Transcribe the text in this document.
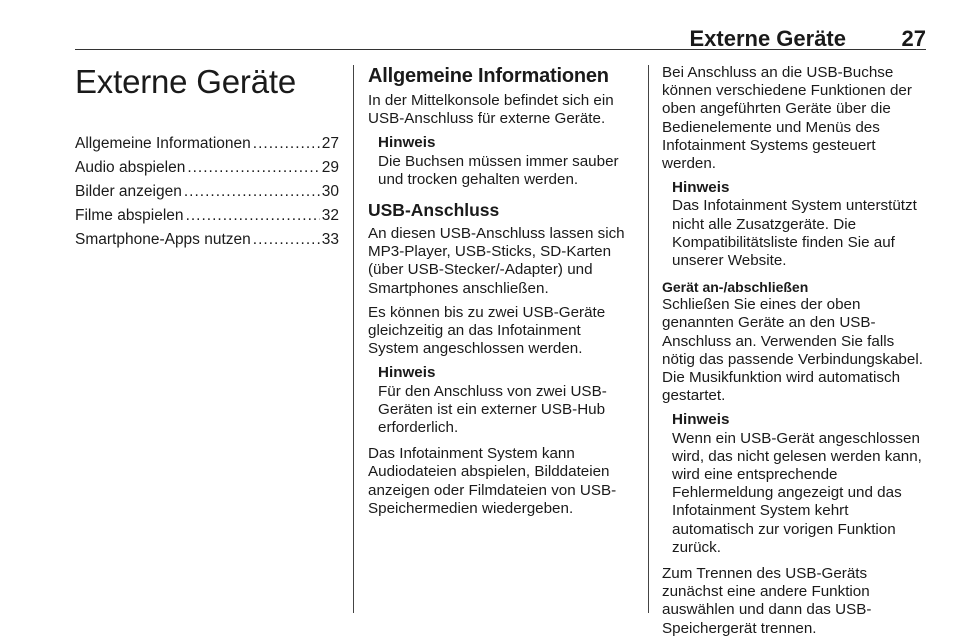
Externe Geräte	27
Externe Geräte
Allgemeine Informationen .....	27
Audio abspielen .....	29
Bilder anzeigen .....	30
Filme abspielen .....	32
Smartphone-Apps nutzen .....	33
Allgemeine Informationen

In der Mittelkonsole befindet sich ein USB-Anschluss für externe Geräte.

Hinweis

Die Buchsen müssen immer sauber und trocken gehalten werden.

USB-Anschluss

An diesen USB-Anschluss lassen sich MP3-Player, USB-Sticks, SD-Karten (über USB-Stecker/-Adapter) und Smartphones anschließen.

Es können bis zu zwei USB-Geräte gleichzeitig an das Infotainment System angeschlossen werden.

Hinweis

Für den Anschluss von zwei USB-Geräten ist ein externer USB-Hub erforderlich.

Das Infotainment System kann Audiodateien abspielen, Bilddateien anzeigen oder Filmdateien von USB-Speichermedien wiedergeben.

Bei Anschluss an die USB-Buchse können verschiedene Funktionen der oben angeführten Geräte über die Bedienelemente und Menüs des Infotainment Systems gesteuert werden.

Hinweis

Das Infotainment System unterstützt nicht alle Zusatzgeräte. Die Kompatibilitätsliste finden Sie auf unserer Website.

Gerät an-/abschließen

Schließen Sie eines der oben genannten Geräte an den USB-Anschluss an. Verwenden Sie falls nötig das passende Verbindungskabel. Die Musikfunktion wird automatisch gestartet.

Hinweis

Wenn ein USB-Gerät angeschlossen wird, das nicht gelesen werden kann, wird eine entsprechende Fehlermeldung angezeigt und das Infotainment System kehrt automatisch zur vorigen Funktion zurück.

Zum Trennen des USB-Geräts zunächst eine andere Funktion auswählen und dann das USB-Speichergerät trennen.
